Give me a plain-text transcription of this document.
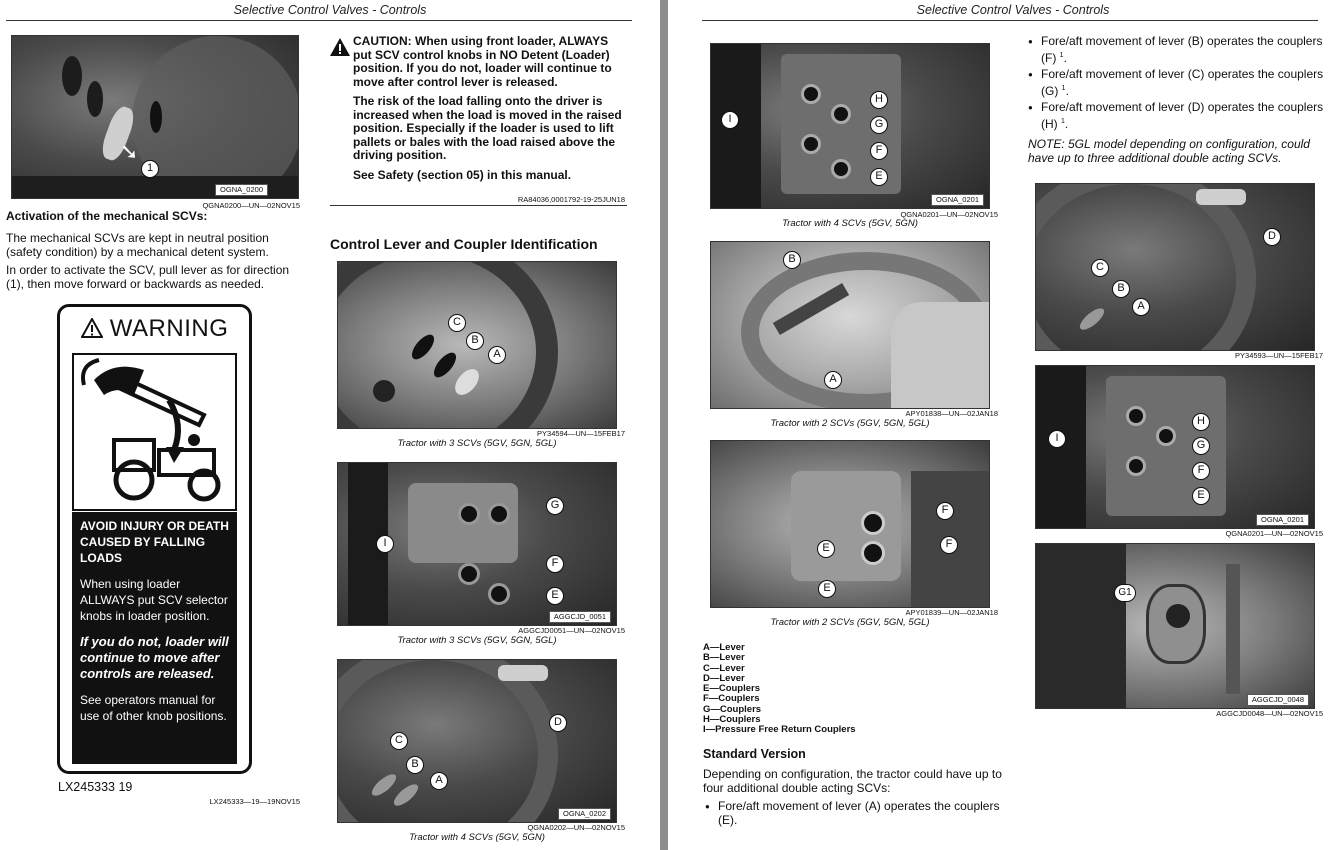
Selective Control Valves - Controls
➘
1
OGNA_0200
QGNA0200—UN—02NOV15
Activation of the mechanical SCVs:
The mechanical SCVs are kept in neutral position (safety condition) by a mechanical detent system.
In order to activate the SCV, pull lever as for direction (1), then move forward or backwards as needed.
WARNING

AVOID INJURY OR DEATH CAUSED BY FALLING LOADS

When using loader ALLWAYS put SCV selector knobs in loader position.

If you do not, loader will continue to move after controls are released.

See operators manual for use of other knob positions.

LX245333 19
LX245333—19—19NOV15

CAUTION: When using front loader, ALWAYS put SCV control knobs in NO Detent (Loader) position. If you do not, loader will continue to move after control lever is released.

The risk of the load falling onto the driver is increased when the load is moved in the raised position. Especially if the loader is used to lift pallets or bales with the load raised above the driving position.

See Safety (section 05) in this manual.

RA84036,0001792-19-25JUN18
Control Lever and Coupler Identification
C
B
A
PY34594—UN—15FEB17
Tractor with 3 SCVs (5GV, 5GN, 5GL)
I
G
F
E
AGGCJD_0051
AGGCJD0051—UN—02NOV15
Tractor with 3 SCVs (5GV, 5GN, 5GL)
D
C
B
A
OGNA_0202
QGNA0202—UN—02NOV15
Tractor with 4 SCVs (5GV, 5GN)
Selective Control Valves - Controls
I
H
G
F
E
OGNA_0201
QGNA0201—UN—02NOV15
Tractor with 4 SCVs (5GV, 5GN)
B
A
APY01838—UN—02JAN18
Tractor with 2 SCVs (5GV, 5GN, 5GL)
F
E	F
E
APY01839—UN—02JAN18
Tractor with 2 SCVs (5GV, 5GN, 5GL)
A—Lever
B—Lever
C—Lever
D—Lever
E—Couplers
F—Couplers
G—Couplers
H—Couplers
I—Pressure Free Return Couplers
Standard Version
Depending on configuration, the tractor could have up to four additional double acting SCVs:
● Fore/aft movement of lever (A) operates the couplers (E).
● Fore/aft movement of lever (B) operates the couplers (F) $^1$.
● Fore/aft movement of lever (C) operates the couplers (G) $^1$.
● Fore/aft movement of lever (D) operates the couplers (H) $^1$.
NOTE: 5GL model depending on configuration, could have up to three additional double acting SCVs.
D
C
B
A
PY34593—UN—15FEB17
I
H
G
F
E
OGNA_0201
QGNA0201—UN—02NOV15
G1
AGGCJD_0048
AGGCJD0048—UN—02NOV15
